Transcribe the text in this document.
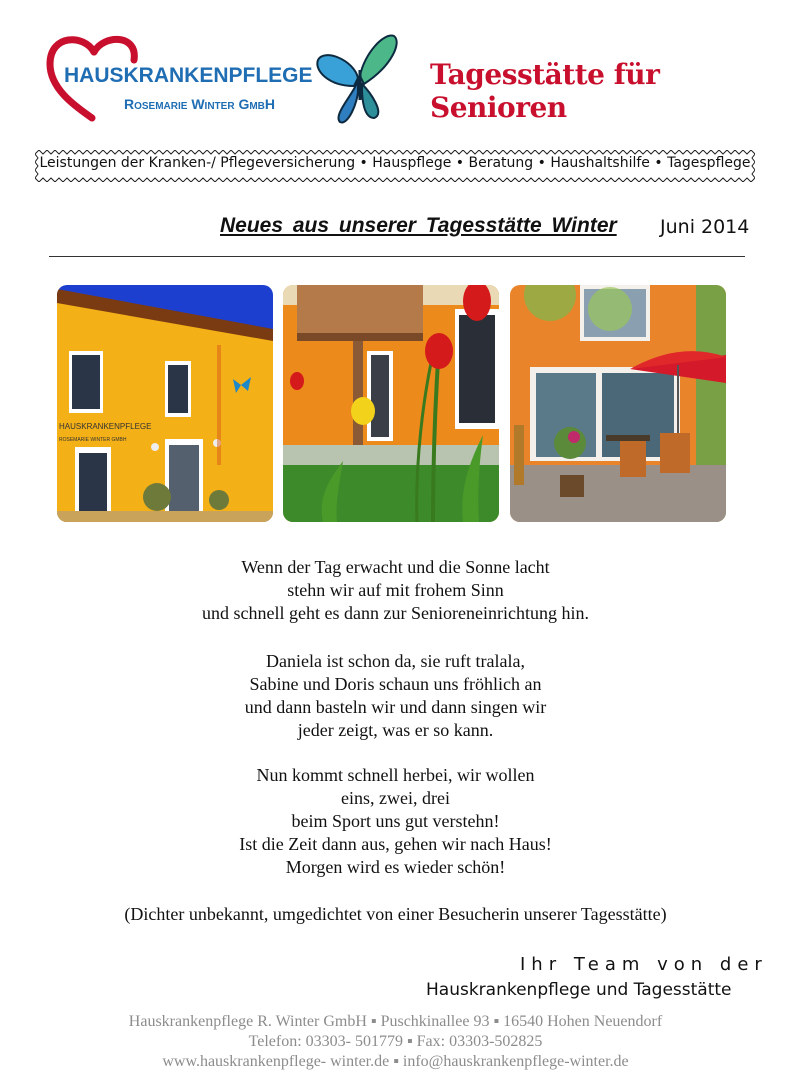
HAUSKRANKENPFLEGE
Rosemarie Winter GmbH
Tagesstätte für Senioren
Leistungen der Kranken-/ Pflegeversicherung • Hauspflege • Beratung • Haushaltshilfe • Tagespflege
Neues aus unserer Tagesstätte Winter Juni 2014
HAUSKRANKENPFLEGE
ROSEMARIE WINTER GMBH
Wenn der Tag erwacht und die Sonne lacht
stehn wir auf mit frohem Sinn
und schnell geht es dann zur Senioreneinrichtung hin.
Daniela ist schon da, sie ruft tralala,
Sabine und Doris schaun uns fröhlich an
und dann basteln wir und dann singen wir
jeder zeigt, was er so kann.
Nun kommt schnell herbei, wir wollen
eins, zwei, drei
beim Sport uns gut verstehn!
Ist die Zeit dann aus, gehen wir nach Haus!
Morgen wird es wieder schön!
(Dichter unbekannt, umgedichtet von einer Besucherin unserer Tagesstätte)
Ihr Team von der
Hauskrankenpflege und Tagesstätte
Hauskrankenpflege R. Winter GmbH ▪ Puschkinallee 93 ▪ 16540 Hohen Neuendorf
Telefon: 03303- 501779 ▪ Fax: 03303-502825
www.hauskrankenpflege- winter.de ▪ info@hauskrankenpflege-winter.de
